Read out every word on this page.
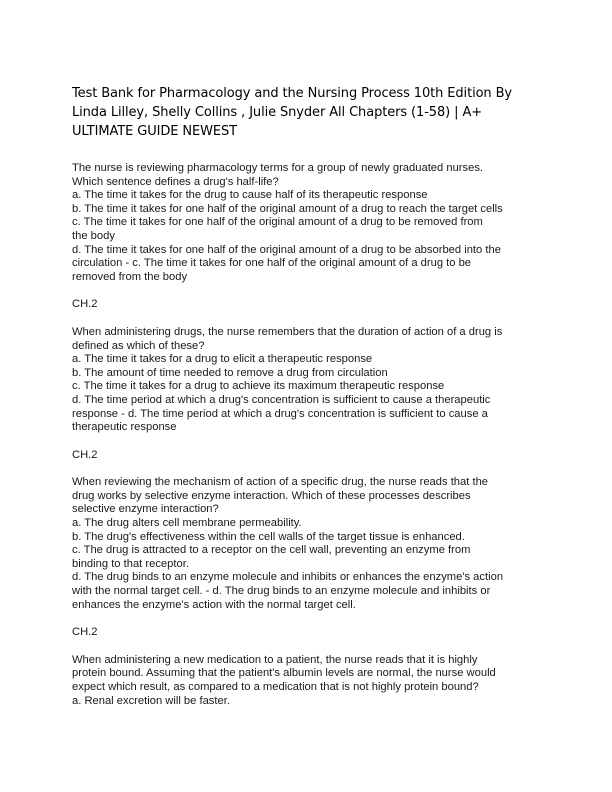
Test Bank for Pharmacology and the Nursing Process 10th Edition By
Linda Lilley, Shelly Collins , Julie Snyder All Chapters (1-58) | A+
ULTIMATE GUIDE NEWEST
The nurse is reviewing pharmacology terms for a group of newly graduated nurses.
Which sentence defines a drug's half-life?
a. The time it takes for the drug to cause half of its therapeutic response
b. The time it takes for one half of the original amount of a drug to reach the target cells
c. The time it takes for one half of the original amount of a drug to be removed from
the body
d. The time it takes for one half of the original amount of a drug to be absorbed into the
circulation - c. The time it takes for one half of the original amount of a drug to be
removed from the body
CH.2
When administering drugs, the nurse remembers that the duration of action of a drug is
defined as which of these?
a. The time it takes for a drug to elicit a therapeutic response
b. The amount of time needed to remove a drug from circulation
c. The time it takes for a drug to achieve its maximum therapeutic response
d. The time period at which a drug's concentration is sufficient to cause a therapeutic
response - d. The time period at which a drug's concentration is sufficient to cause a
therapeutic response
CH.2
When reviewing the mechanism of action of a specific drug, the nurse reads that the
drug works by selective enzyme interaction. Which of these processes describes
selective enzyme interaction?
a. The drug alters cell membrane permeability.
b. The drug's effectiveness within the cell walls of the target tissue is enhanced.
c. The drug is attracted to a receptor on the cell wall, preventing an enzyme from
binding to that receptor.
d. The drug binds to an enzyme molecule and inhibits or enhances the enzyme's action
with the normal target cell. - d. The drug binds to an enzyme molecule and inhibits or
enhances the enzyme's action with the normal target cell.
CH.2
When administering a new medication to a patient, the nurse reads that it is highly
protein bound. Assuming that the patient's albumin levels are normal, the nurse would
expect which result, as compared to a medication that is not highly protein bound?
a. Renal excretion will be faster.
